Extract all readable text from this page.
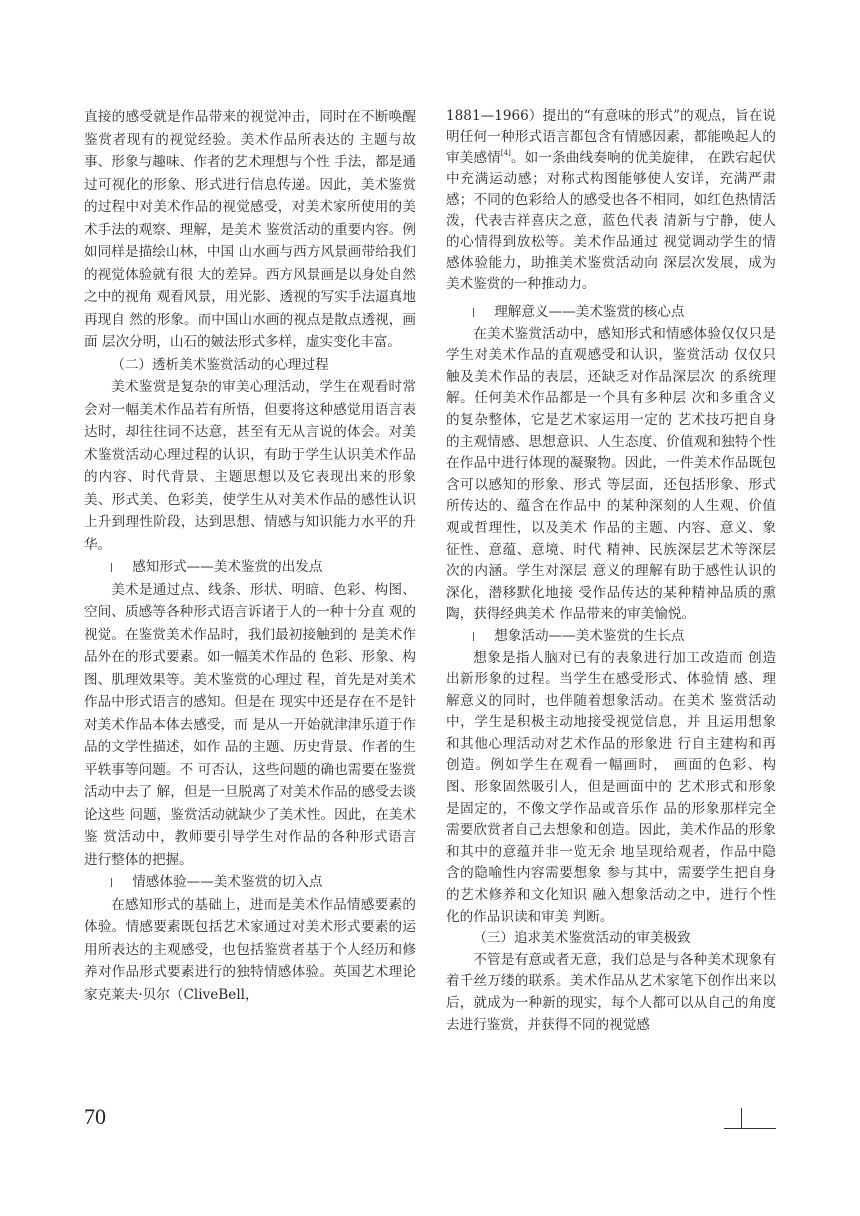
直接的感受就是作品带来的视觉冲击，同时在不断唤醒鉴赏者现有的视觉经验。美术作品所表达的 主题与故事、形象与趣味、作者的艺术理想与个性 手法，都是通过可视化的形象、形式进行信息传递。因此，美术鉴赏的过程中对美术作品的视觉感受，对美术家所使用的美术手法的观察、理解，是美术 鉴赏活动的重要内容。例如同样是描绘山林，中国 山水画与西方风景画带给我们的视觉体验就有很 大的差异。西方风景画是以身处自然之中的视角 观看风景，用光影、透视的写实手法逼真地再现自 然的形象。而中国山水画的视点是散点透视，画面 层次分明，山石的皴法形式多样，虚实变化丰富。

（二）透析美术鉴赏活动的心理过程

美术鉴赏是复杂的审美心理活动，学生在观看时常会对一幅美术作品若有所悟，但要将这种感觉用语言表达时，却往往词不达意，甚至有无从言说的体会。对美术鉴赏活动心理过程的认识，有助于学生认识美术作品的内容、时代背景、主题思想以及它表现出来的形象美、形式美、色彩美，使学生从对美术作品的感性认识上升到理性阶段，达到思想、情感与知识能力水平的升华。

感知形式——美术鉴赏的出发点

美术是通过点、线条、形状、明暗、色彩、构图、空间、质感等各种形式语言诉诸于人的一种十分直 观的视觉。在鉴赏美术作品时，我们最初接触到的 是美术作品外在的形式要素。如一幅美术作品的 色彩、形象、构图、肌理效果等。美术鉴赏的心理过 程，首先是对美术作品中形式语言的感知。但是在 现实中还是存在不是针对美术作品本体去感受，而 是从一开始就津津乐道于作品的文学性描述，如作 品的主题、历史背景、作者的生平轶事等问题。不 可否认，这些问题的确也需要在鉴赏活动中去了 解，但是一旦脱离了对美术作品的感受去谈论这些 问题，鉴赏活动就缺少了美术性。因此，在美术鉴 赏活动中，教师要引导学生对作品的各种形式语言 进行整体的把握。

情感体验——美术鉴赏的切入点

在感知形式的基础上，进而是美术作品情感要素的体验。情感要素既包括艺术家通过对美术形式要素的运用所表达的主观感受，也包括鉴赏者基于个人经历和修养对作品形式要素进行的独特情感体验。英国艺术理论家克莱夫·贝尔（CliveBell，

1881—1966）提出的“有意味的形式”的观点，旨在说明任何一种形式语言都包含有情感因素，都能唤起人的审美感情[4]。如一条曲线奏响的优美旋律， 在跌宕起伏中充满运动感；对称式构图能够使人安详，充满严肃感；不同的色彩给人的感受也各不相同，如红色热情活泼，代表吉祥喜庆之意，蓝色代表 清新与宁静，使人的心情得到放松等。美术作品通过 视觉调动学生的情感体验能力，助推美术鉴赏活动向 深层次发展，成为美术鉴赏的一种推动力。

理解意义——美术鉴赏的核心点

在美术鉴赏活动中，感知形式和情感体验仅仅只是学生对美术作品的直观感受和认识，鉴赏活动 仅仅只触及美术作品的表层，还缺乏对作品深层次 的系统理解。任何美术作品都是一个具有多种层 次和多重含义的复杂整体，它是艺术家运用一定的 艺术技巧把自身的主观情感、思想意识、人生态度、价值观和独特个性在作品中进行体现的凝聚物。因此，一件美术作品既包含可以感知的形象、形式 等层面，还包括形象、形式所传达的、蕴含在作品中 的某种深刻的人生观、价值观或哲理性，以及美术 作品的主题、内容、意义、象征性、意蕴、意境、时代 精神、民族深层艺术等深层次的内涵。学生对深层 意义的理解有助于感性认识的深化，潜移默化地接 受作品传达的某种精神品质的熏陶，获得经典美术 作品带来的审美愉悦。

想象活动——美术鉴赏的生长点

想象是指人脑对已有的表象进行加工改造而 创造出新形象的过程。当学生在感受形式、体验情 感、理解意义的同时，也伴随着想象活动。在美术 鉴赏活动中，学生是积极主动地接受视觉信息，并 且运用想象和其他心理活动对艺术作品的形象进 行自主建构和再创造。例如学生在观看一幅画时， 画面的色彩、构图、形象固然吸引人，但是画面中的 艺术形式和形象是固定的，不像文学作品或音乐作 品的形象那样完全需要欣赏者自己去想象和创造。因此，美术作品的形象和其中的意蕴并非一览无余 地呈现给观者，作品中隐含的隐喻性内容需要想象 参与其中，需要学生把自身的艺术修养和文化知识 融入想象活动之中，进行个性化的作品识读和审美 判断。

（三）追求美术鉴赏活动的审美极致

不管是有意或者无意，我们总是与各种美术现象有着千丝万缕的联系。美术作品从艺术家笔下创作出来以后，就成为一种新的现实，每个人都可以从自己的角度去进行鉴赏，并获得不同的视觉感

70
